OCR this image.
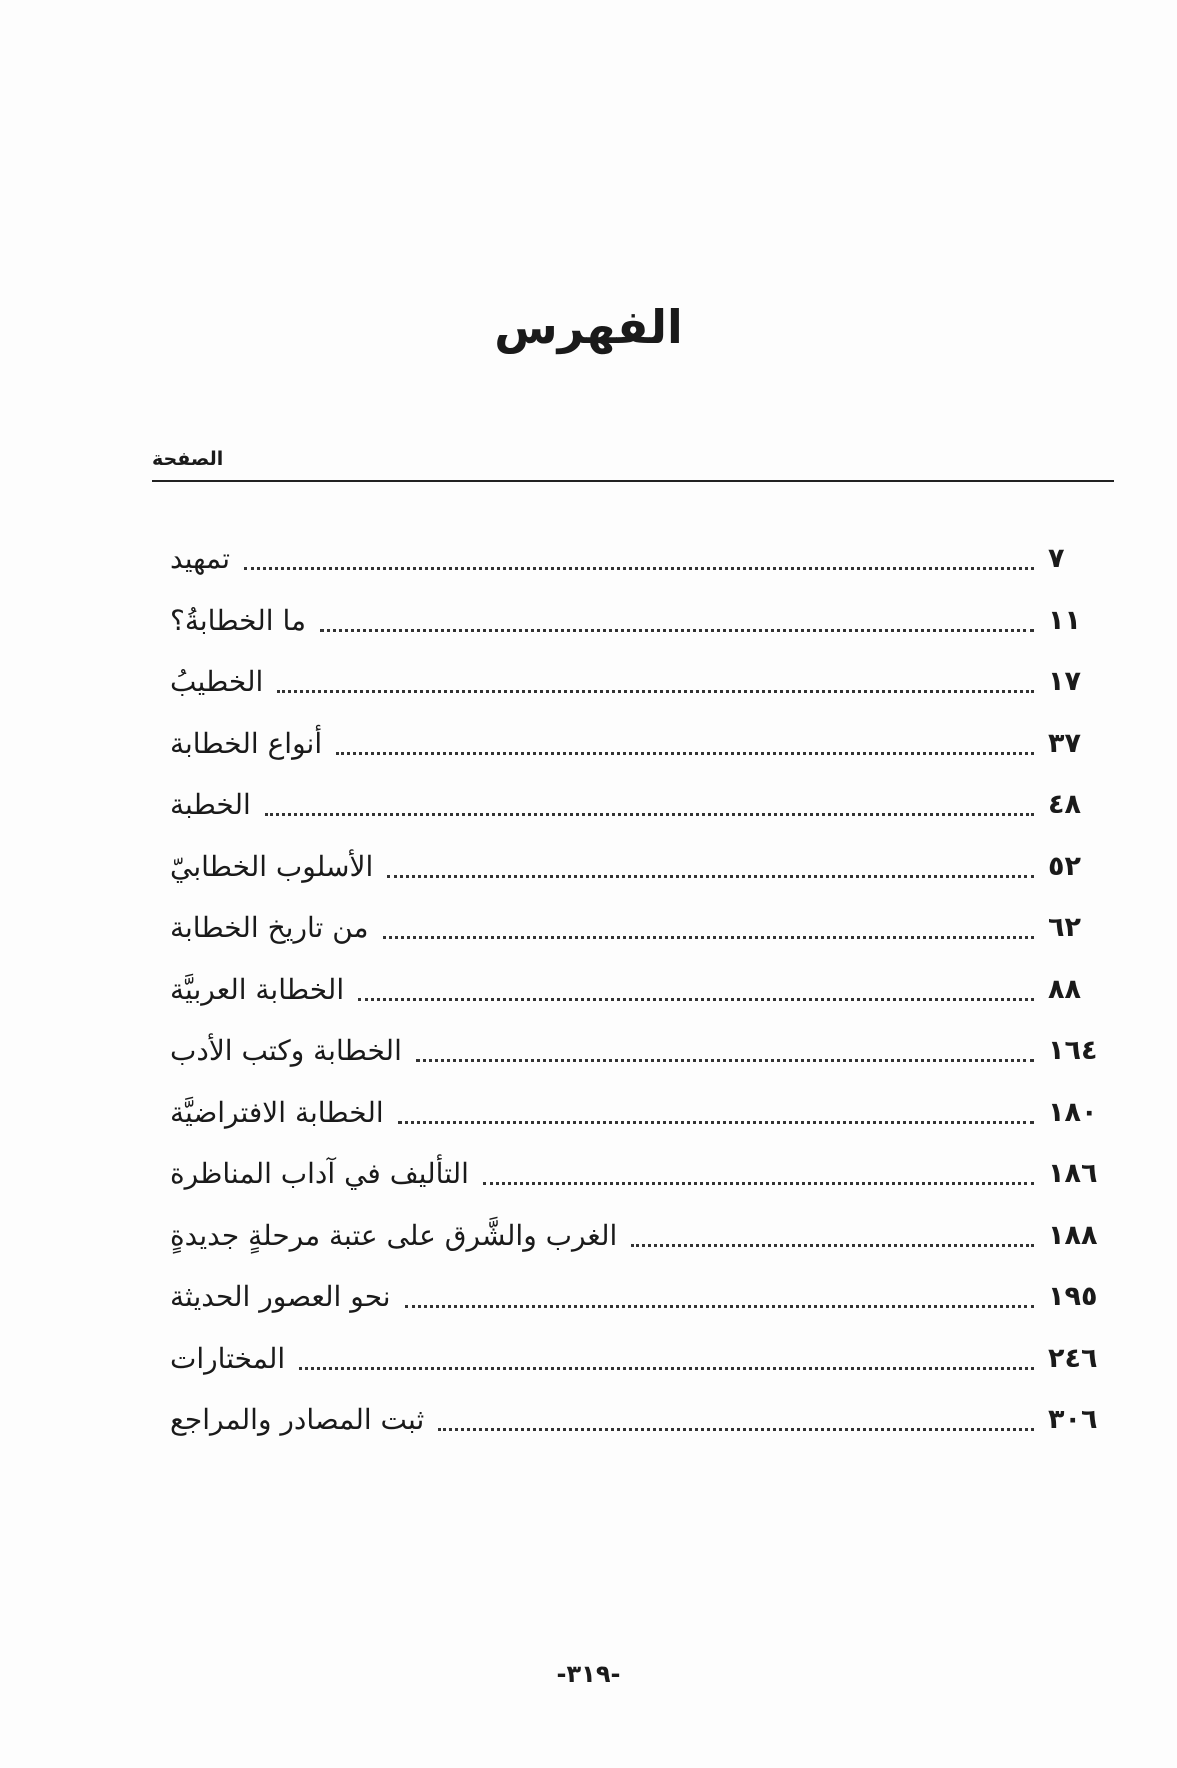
الفهرس
الصفحة
تمهيد	٧
ما الخطابةُ؟	١١
الخطيبُ	١٧
أنواع الخطابة	٣٧
الخطبة	٤٨
الأسلوب الخطابيّ	٥٢
من تاريخ الخطابة	٦٢
الخطابة العربيَّة	٨٨
الخطابة وكتب الأدب	١٦٤
الخطابة الافتراضيَّة	١٨٠
التأليف في آداب المناظرة	١٨٦
الغرب والشَّرق على عتبة مرحلةٍ جديدةٍ	١٨٨
نحو العصور الحديثة	١٩٥
المختارات	٢٤٦
ثبت المصادر والمراجع	٣٠٦
-٣١٩-
